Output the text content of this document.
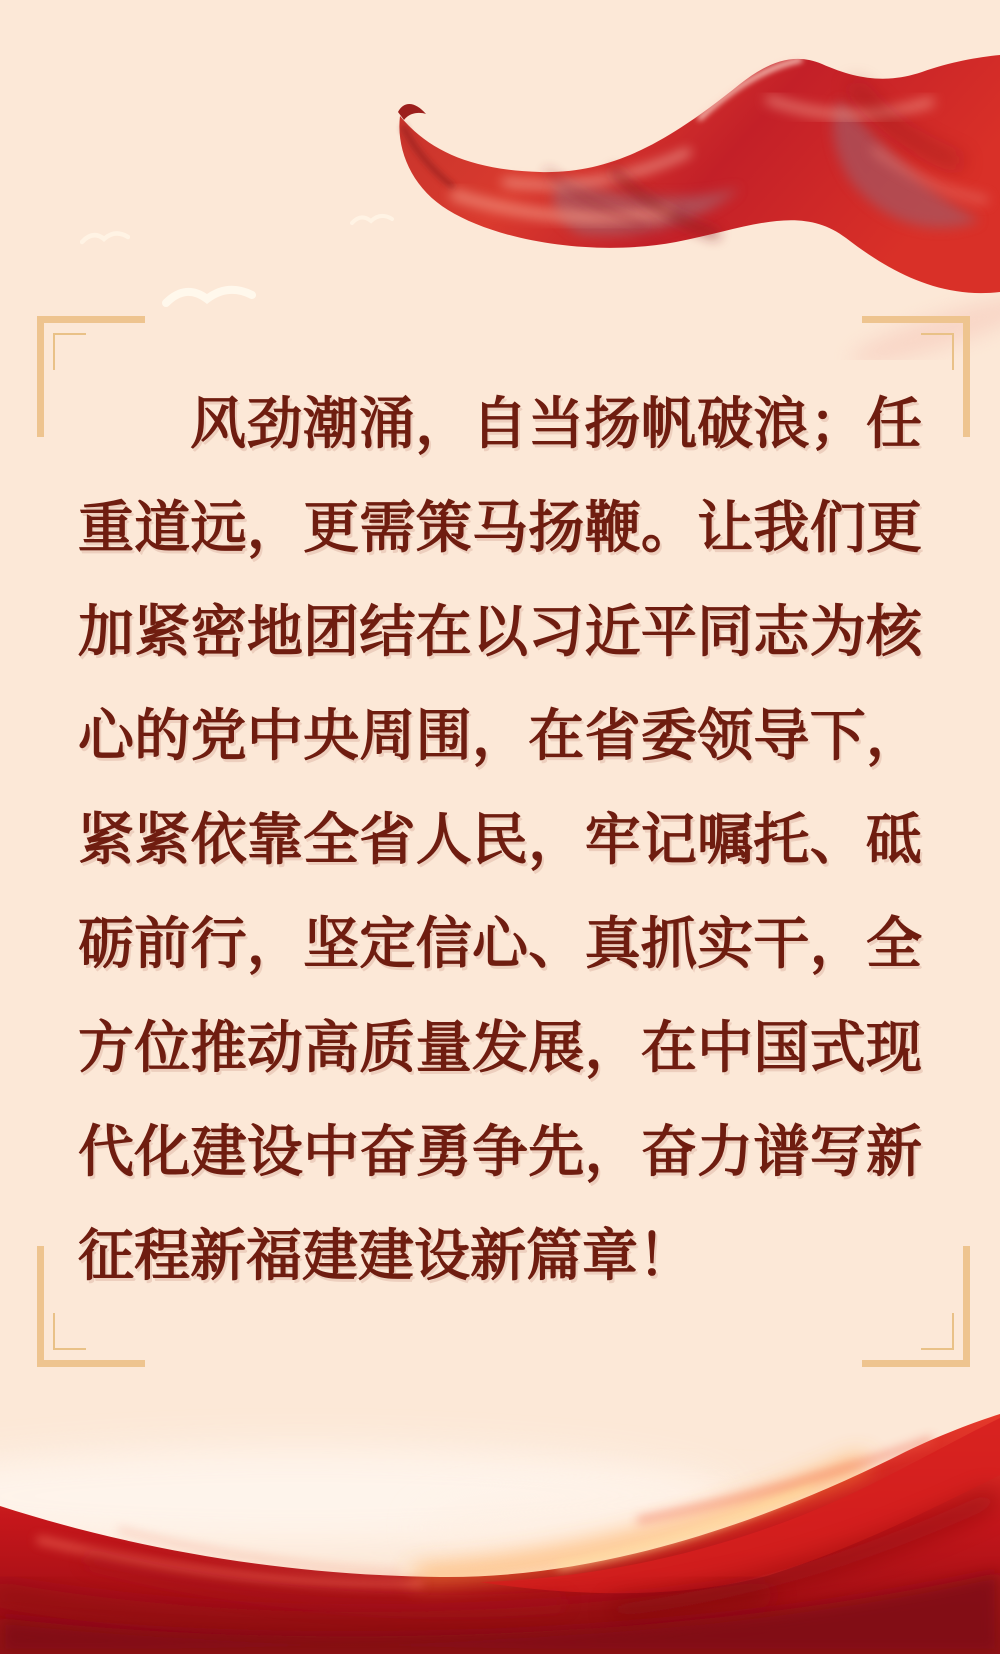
风劲潮涌，自当扬帆破浪；任
重道远，更需策马扬鞭。让我们更
加紧密地团结在以习近平同志为核
心的党中央周围，在省委领导下，
紧紧依靠全省人民，牢记嘱托、砥
砺前行，坚定信心、真抓实干，全
方位推动高质量发展，在中国式现
代化建设中奋勇争先，奋力谱写新
征程新福建建设新篇章！
